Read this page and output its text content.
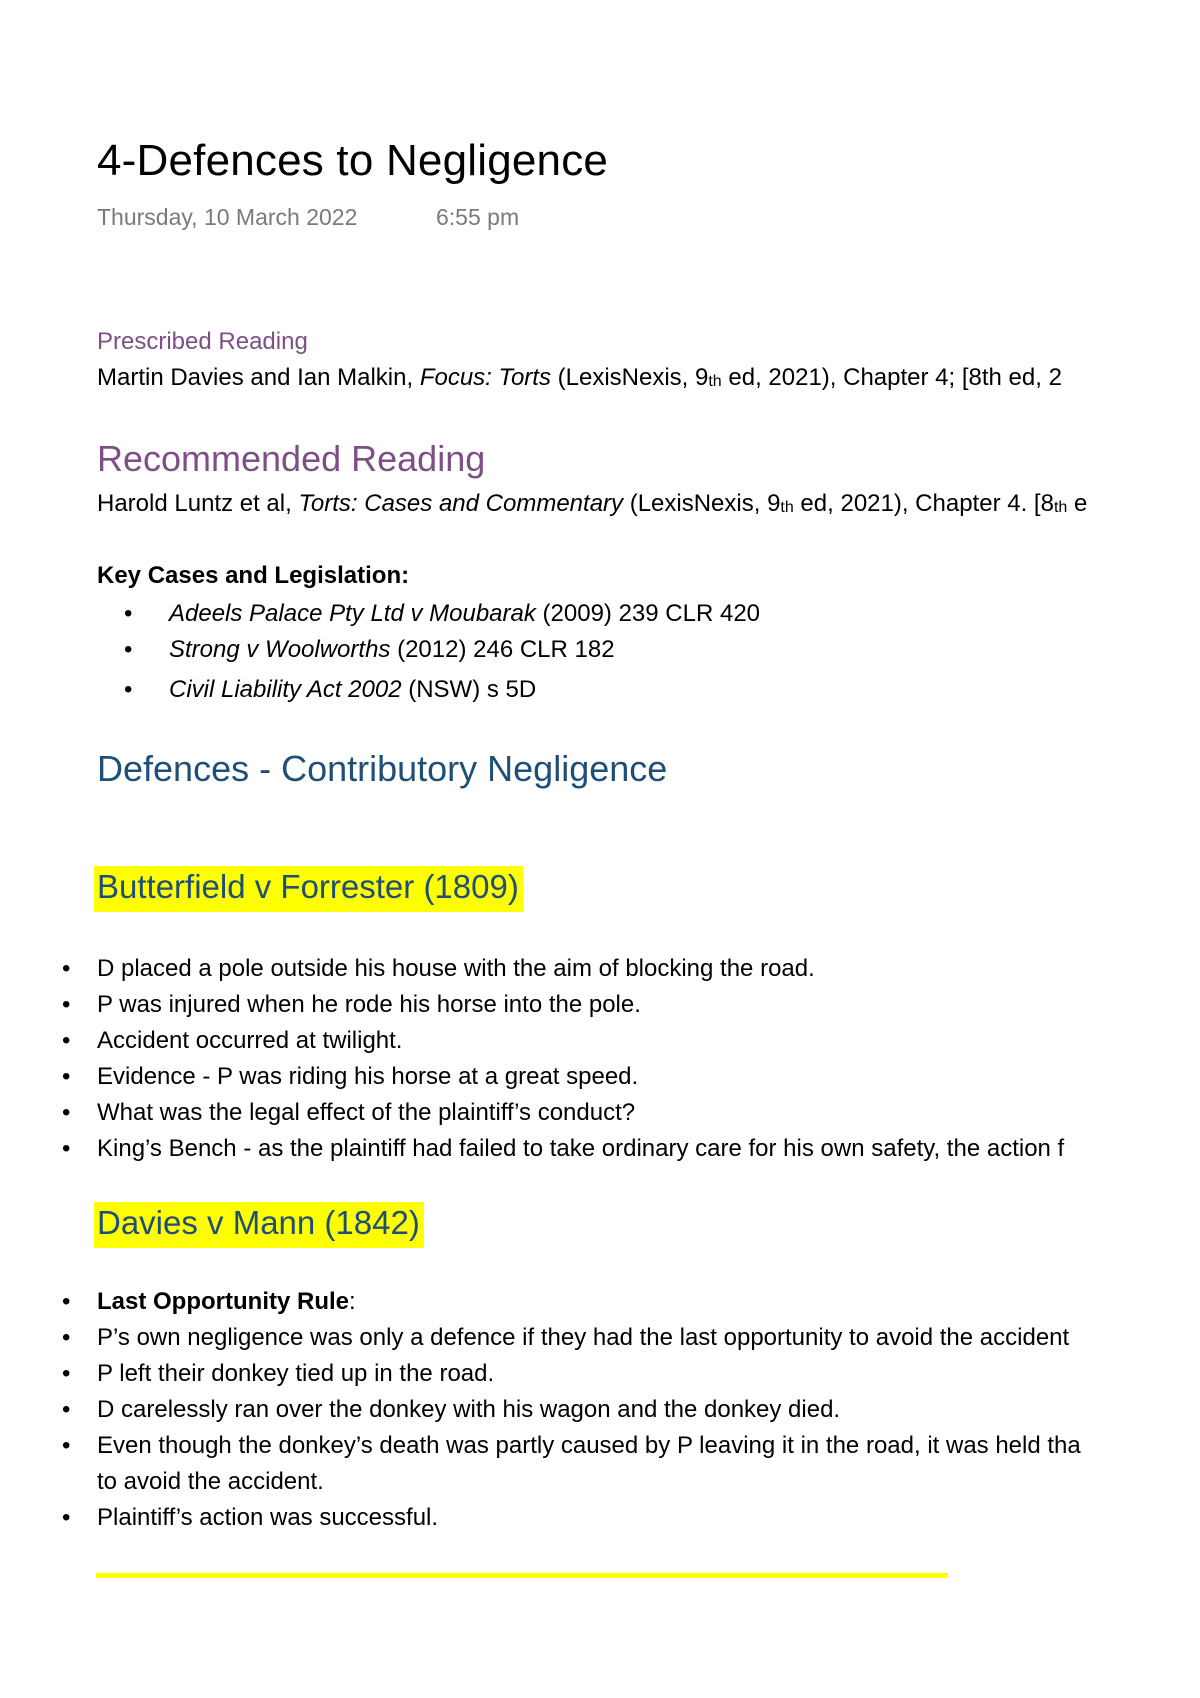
4-Defences to Negligence
Thursday, 10 March 2022	6:55 pm
Prescribed Reading
Martin Davies and Ian Malkin, Focus: Torts (LexisNexis, 9th ed, 2021), Chapter 4; [8th ed, 2
Recommended Reading
Harold Luntz et al, Torts: Cases and Commentary (LexisNexis, 9th ed, 2021), Chapter 4. [8th e
Key Cases and Legislation:
• Adeels Palace Pty Ltd v Moubarak (2009) 239 CLR 420
• Strong v Woolworths (2012) 246 CLR 182
• Civil Liability Act 2002 (NSW) s 5D
Defences - Contributory Negligence
Butterfield v Forrester (1809)
• D placed a pole outside his house with the aim of blocking the road.
• P was injured when he rode his horse into the pole.
• Accident occurred at twilight.
• Evidence - P was riding his horse at a great speed.
• What was the legal effect of the plaintiff’s conduct?
• King’s Bench - as the plaintiff had failed to take ordinary care for his own safety, the action f
Davies v Mann (1842)
• Last Opportunity Rule:
• P’s own negligence was only a defence if they had the last opportunity to avoid the accident
• P left their donkey tied up in the road.
• D carelessly ran over the donkey with his wagon and the donkey died.
• Even though the donkey’s death was partly caused by P leaving it in the road, it was held tha
to avoid the accident.
• Plaintiff’s action was successful.
